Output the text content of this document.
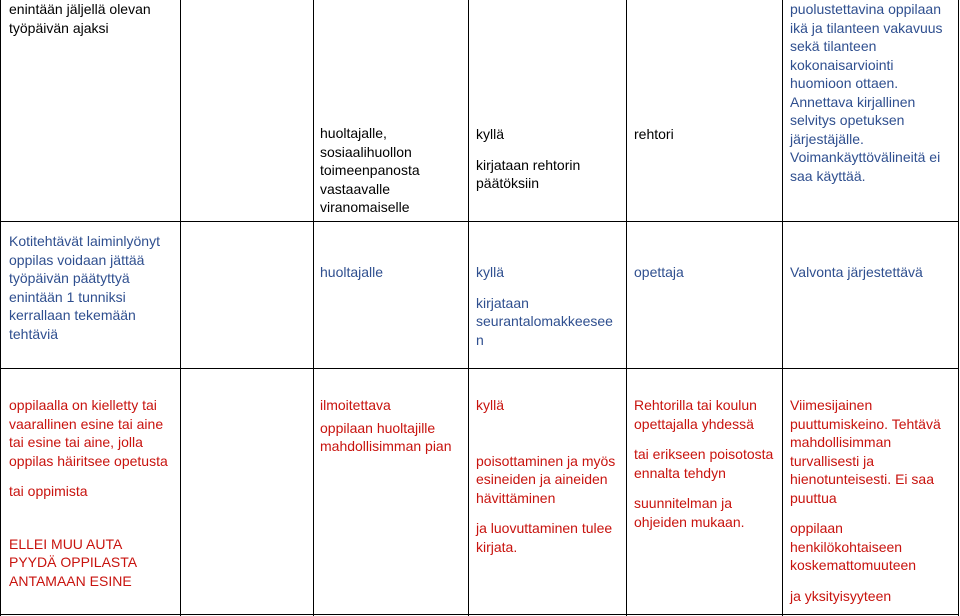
enintään jäljellä olevan
työpäivän ajaksi
huoltajalle,
sosiaalihuollon
toimeenpanosta
vastaavalle
viranomaiselle
kyllä
kirjataan rehtorin
päätöksiin
rehtori
puolustettavina oppilaan
ikä ja tilanteen vakavuus
sekä tilanteen
kokonaisarviointi
huomioon ottaen.
Annettava kirjallinen
selvitys opetuksen
järjestäjälle.
Voimankäyttövälineitä ei
saa käyttää.
Kotitehtävät laiminlyönyt
oppilas voidaan jättää
työpäivän päätyttyä
enintään 1 tunniksi
kerrallaan tekemään
tehtäviä
huoltajalle	kyllä
kirjataan
seurantalomakkeesee
n
opettaja	Valvonta järjestettävä
oppilaalla on kielletty tai
vaarallinen esine tai aine
tai esine tai aine, jolla
oppilas häiritsee opetusta
tai oppimista
ELLEI MUU AUTA
PYYDÄ OPPILASTA
ANTAMAAN ESINE
ilmoitettava
oppilaan huoltajille
mahdollisimman pian
kyllä
poisottaminen ja myös
esineiden ja aineiden
hävittäminen
ja luovuttaminen tulee
kirjata.
Rehtorilla tai koulun
opettajalla yhdessä
tai erikseen poisotosta
ennalta tehdyn
suunnitelman ja
ohjeiden mukaan.
Viimesijainen
puuttumiskeino. Tehtävä
mahdollisimman
turvallisesti ja
hienotunteisesti. Ei saa
puuttua
oppilaan
henkilökohtaiseen
koskemattomuuteen
ja yksityisyyteen
